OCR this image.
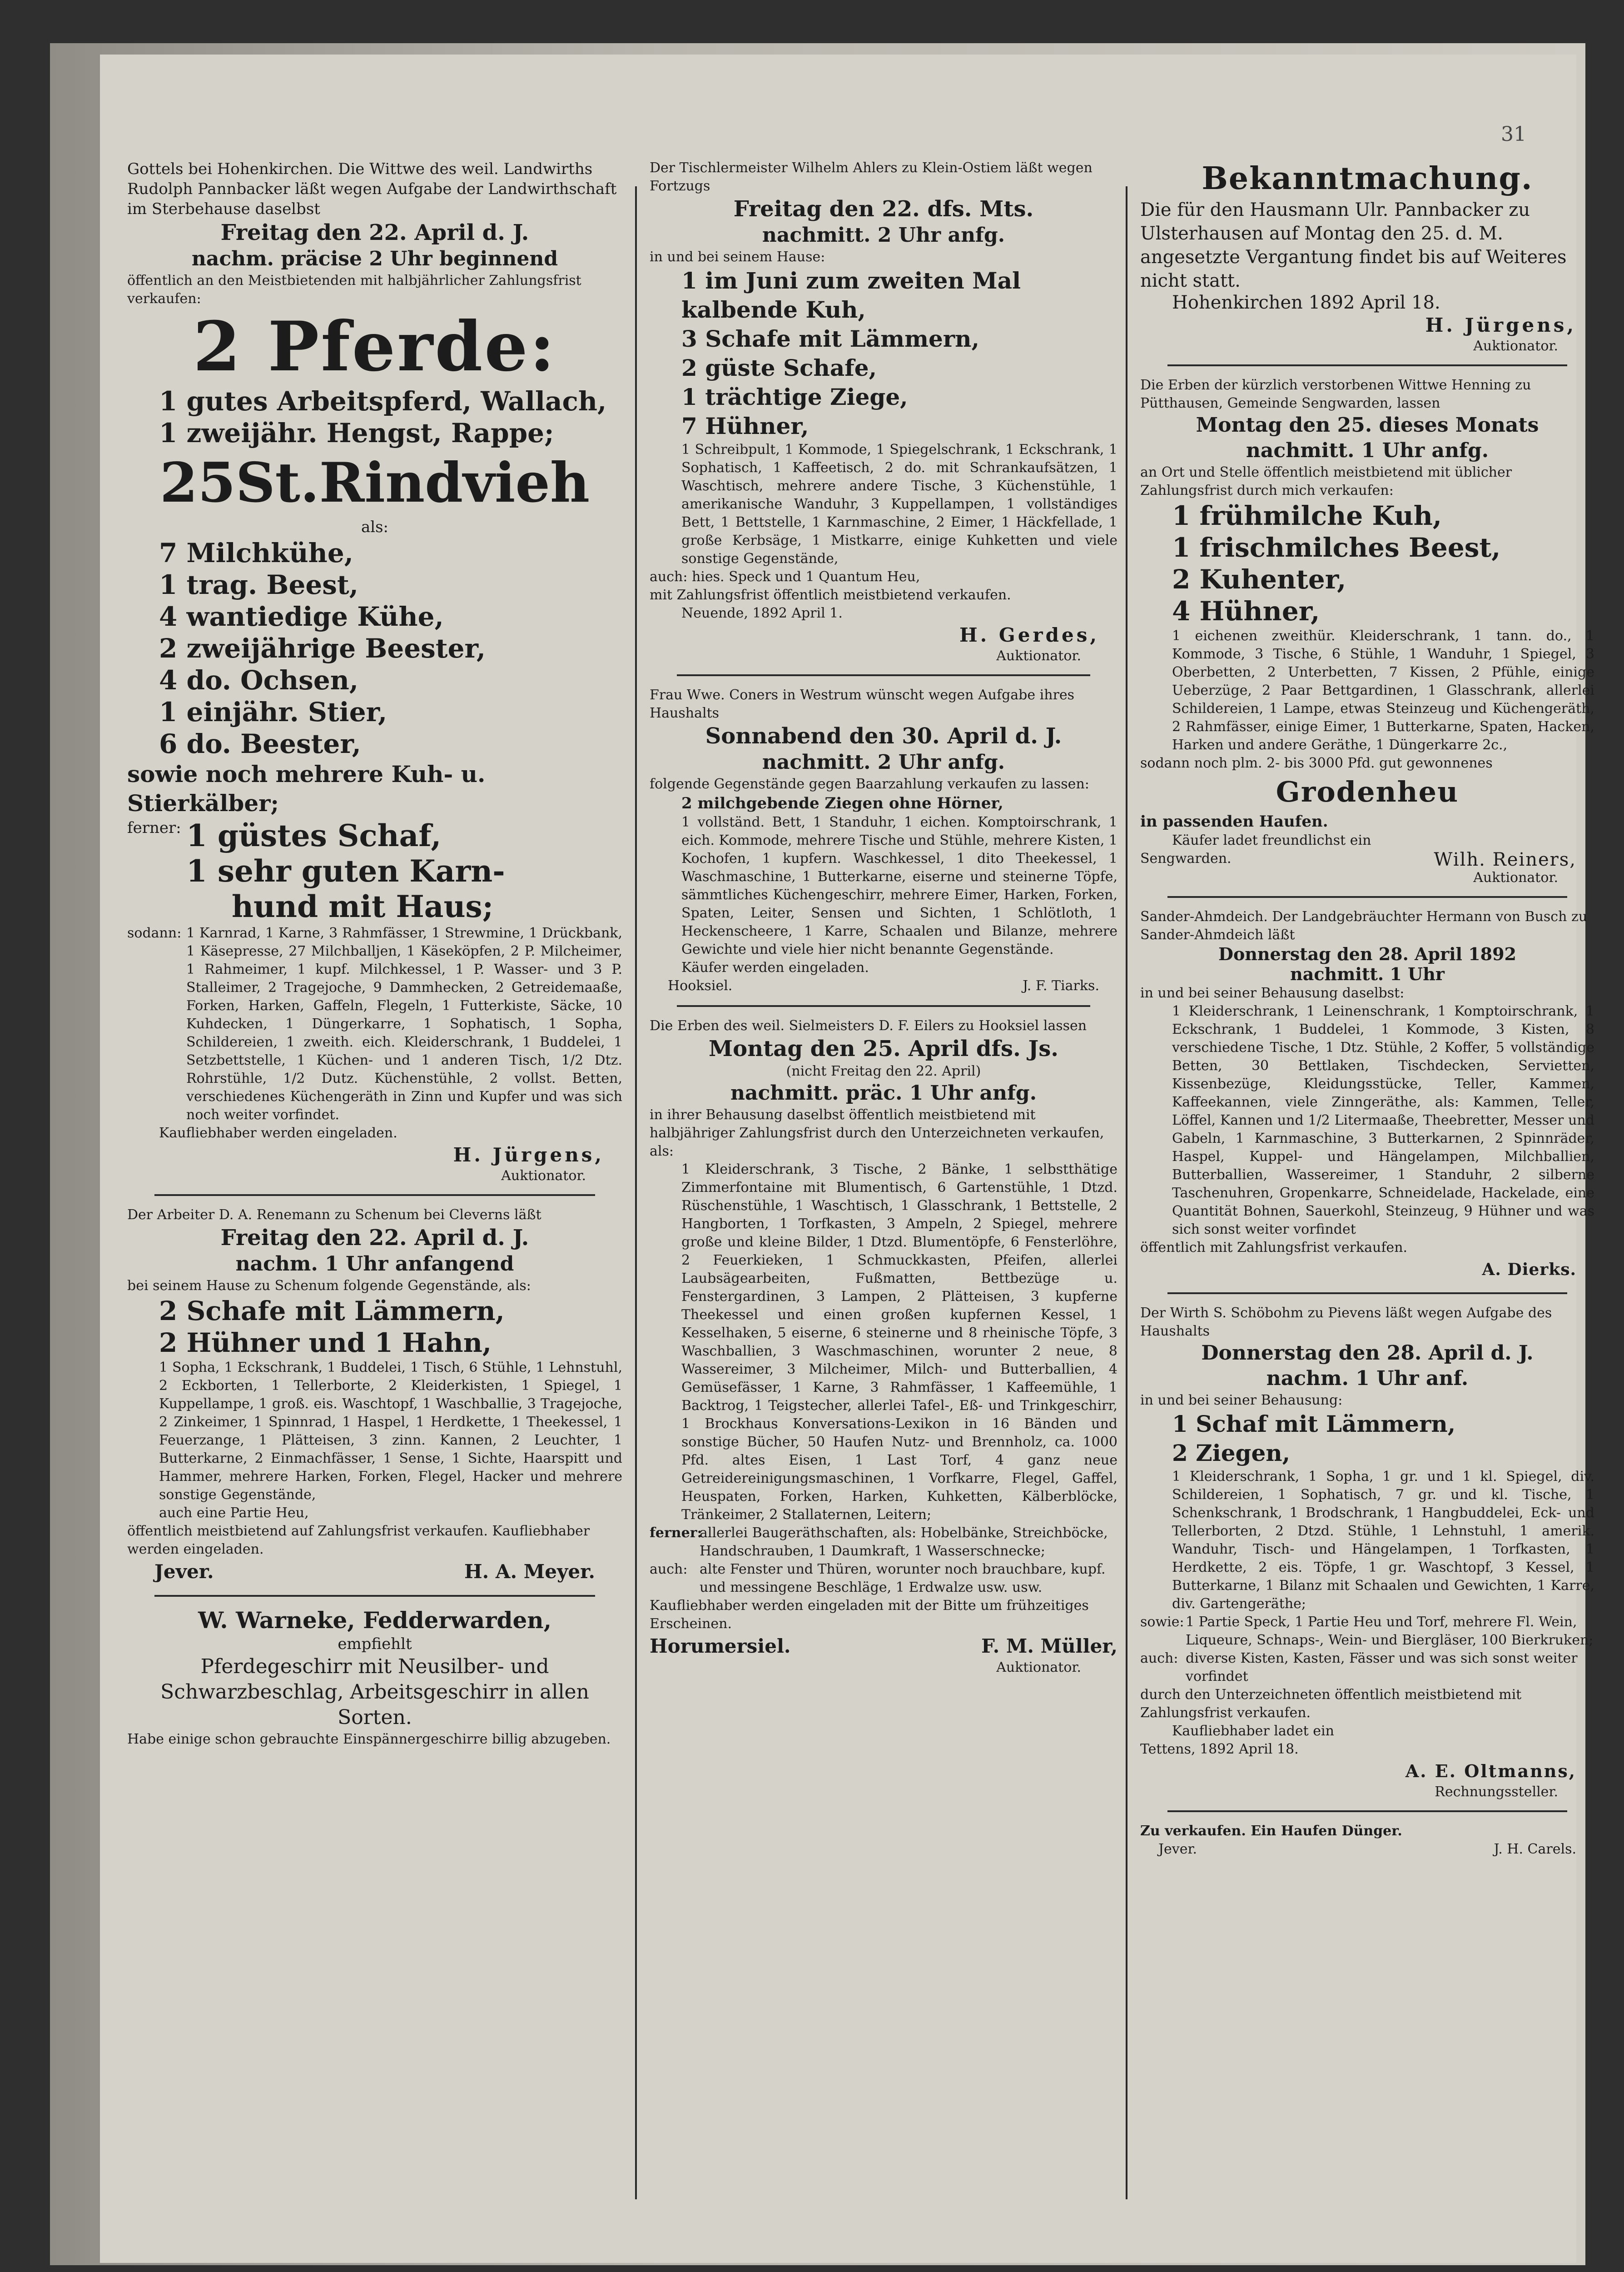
31
Gottels bei Hohenkirchen. Die Wittwe des weil. Landwirths Rudolph Pannbacker läßt wegen Aufgabe der Landwirthschaft im Sterbehause daselbst
Freitag den 22. April d. J.
nachm. präcise 2 Uhr beginnend
öffentlich an den Meistbietenden mit halbjährlicher Zahlungsfrist verkaufen:
2 Pferde:
1 gutes Arbeitspferd, Wallach,
1 zweijähr. Hengst, Rappe;
25St.Rindvieh
als:
7 Milchkühe,
1 trag. Beest,
4 wantiedige Kühe,
2 zweijährige Beester,
4 do. Ochsen,
1 einjähr. Stier,
6 do. Beester,
sowie noch mehrere Kuh- u. Stierkälber;
ferner: 1 güstes Schaf,
1 sehr guten Karn-
hund mit Haus;
sodann: 1 Karnrad, 1 Karne, 3 Rahmfässer, 1 Strewmine, 1 Drückbank, 1 Käsepresse, 27 Milchballjen, 1 Käseköpfen, 2 P. Milcheimer, 1 Rahmeimer, 1 kupf. Milchkessel, 1 P. Wasser- und 3 P. Stalleimer, 2 Tragejoche, 9 Dammhecken, 2 Getreidemaaße, Forken, Harken, Gaffeln, Flegeln, 1 Futterkiste, Säcke, 10 Kuhdecken, 1 Düngerkarre, 1 Sophatisch, 1 Sopha, Schildereien, 1 zweith. eich. Kleiderschrank, 1 Buddelei, 1 Setzbettstelle, 1 Küchen- und 1 anderen Tisch, 1/2 Dtz. Rohrstühle, 1/2 Dutz. Küchenstühle, 2 vollst. Betten, verschiedenes Küchengeräth in Zinn und Kupfer und was sich noch weiter vorfindet.
Kaufliebhaber werden eingeladen.
H. Jürgens,
Auktionator.
Der Arbeiter D. A. Renemann zu Schenum bei Cleverns läßt
Freitag den 22. April d. J.
nachm. 1 Uhr anfangend
bei seinem Hause zu Schenum folgende Gegenstände, als:
2 Schafe mit Lämmern,
2 Hühner und 1 Hahn,
1 Sopha, 1 Eckschrank, 1 Buddelei, 1 Tisch, 6 Stühle, 1 Lehnstuhl, 2 Eckborten, 1 Tellerborte, 2 Kleiderkisten, 1 Spiegel, 1 Kuppellampe, 1 groß. eis. Waschtopf, 1 Waschballie, 3 Tragejoche, 2 Zinkeimer, 1 Spinnrad, 1 Haspel, 1 Herdkette, 1 Theekessel, 1 Feuerzange, 1 Plätteisen, 3 zinn. Kannen, 2 Leuchter, 1 Butterkarne, 2 Einmachfässer, 1 Sense, 1 Sichte, Haarspitt und Hammer, mehrere Harken, Forken, Flegel, Hacker und mehrere sonstige Gegenstände,
auch eine Partie Heu,
öffentlich meistbietend auf Zahlungsfrist verkaufen. Kaufliebhaber werden eingeladen.
Jever.	H. A. Meyer.
W. Warneke, Fedderwarden,
empfiehlt
Pferdegeschirr mit Neusilber- und Schwarzbeschlag, Arbeitsgeschirr in allen Sorten.
Habe einige schon gebrauchte Einspännergeschirre billig abzugeben.
Der Tischlermeister Wilhelm Ahlers zu Klein-Ostiem läßt wegen Fortzugs
Freitag den 22. dfs. Mts.
nachmitt. 2 Uhr anfg.
in und bei seinem Hause:
1 im Juni zum zweiten Mal kalbende Kuh,
3 Schafe mit Lämmern,
2 güste Schafe,
1 trächtige Ziege,
7 Hühner,
1 Schreibpult, 1 Kommode, 1 Spiegelschrank, 1 Eckschrank, 1 Sophatisch, 1 Kaffeetisch, 2 do. mit Schrankaufsätzen, 1 Waschtisch, mehrere andere Tische, 3 Küchenstühle, 1 amerikanische Wanduhr, 3 Kuppellampen, 1 vollständiges Bett, 1 Bettstelle, 1 Karnmaschine, 2 Eimer, 1 Häckfellade, 1 große Kerbsäge, 1 Mistkarre, einige Kuhketten und viele sonstige Gegenstände,
auch: hies. Speck und 1 Quantum Heu,
mit Zahlungsfrist öffentlich meistbietend verkaufen.
Neuende, 1892 April 1.
H. Gerdes,
Auktionator.
Frau Wwe. Coners in Westrum wünscht wegen Aufgabe ihres Haushalts
Sonnabend den 30. April d. J.
nachmitt. 2 Uhr anfg.
folgende Gegenstände gegen Baarzahlung verkaufen zu lassen:
2 milchgebende Ziegen ohne Hörner,
1 vollständ. Bett, 1 Standuhr, 1 eichen. Komptoirschrank, 1 eich. Kommode, mehrere Tische und Stühle, mehrere Kisten, 1 Kochofen, 1 kupfern. Waschkessel, 1 dito Theekessel, 1 Waschmaschine, 1 Butterkarne, eiserne und steinerne Töpfe, sämmtliches Küchengeschirr, mehrere Eimer, Harken, Forken, Spaten, Leiter, Sensen und Sichten, 1 Schlötloth, 1 Heckenscheere, 1 Karre, Schaalen und Bilanze, mehrere Gewichte und viele hier nicht benannte Gegenstände.
Käufer werden eingeladen.
Hooksiel.	J. F. Tiarks.
Die Erben des weil. Sielmeisters D. F. Eilers zu Hooksiel lassen
Montag den 25. April dfs. Js.
(nicht Freitag den 22. April)
nachmitt. präc. 1 Uhr anfg.
in ihrer Behausung daselbst öffentlich meistbietend mit halbjähriger Zahlungsfrist durch den Unterzeichneten verkaufen, als:
1 Kleiderschrank, 3 Tische, 2 Bänke, 1 selbstthätige Zimmerfontaine mit Blumentisch, 6 Gartenstühle, 1 Dtzd. Rüschenstühle, 1 Waschtisch, 1 Glasschrank, 1 Bettstelle, 2 Hangborten, 1 Torfkasten, 3 Ampeln, 2 Spiegel, mehrere große und kleine Bilder, 1 Dtzd. Blumentöpfe, 6 Fensterlöhre, 2 Feuerkieken, 1 Schmuckkasten, Pfeifen, allerlei Laubsägearbeiten, Fußmatten, Bettbezüge u. Fenstergardinen, 3 Lampen, 2 Plätteisen, 3 kupferne Theekessel und einen großen kupfernen Kessel, 1 Kesselhaken, 5 eiserne, 6 steinerne und 8 rheinische Töpfe, 3 Waschballien, 3 Waschmaschinen, worunter 2 neue, 8 Wassereimer, 3 Milcheimer, Milch- und Butterballien, 4 Gemüsefässer, 1 Karne, 3 Rahmfässer, 1 Kaffeemühle, 1 Backtrog, 1 Teigstecher, allerlei Tafel-, Eß- und Trinkgeschirr, 1 Brockhaus Konversations-Lexikon in 16 Bänden und sonstige Bücher, 50 Haufen Nutz- und Brennholz, ca. 1000 Pfd. altes Eisen, 1 Last Torf, 4 ganz neue Getreidereinigungsmaschinen, 1 Vorfkarre, Flegel, Gaffel, Heuspaten, Forken, Harken, Kuhketten, Kälberblöcke, Tränkeimer, 2 Stallaternen, Leitern;
ferner:
allerlei Baugeräthschaften, als: Hobelbänke, Streichböcke, Handschrauben, 1 Daumkraft, 1 Wasserschnecke;
auch: alte Fenster und Thüren, worunter noch brauchbare, kupf. und messingene Beschläge, 1 Erdwalze usw. usw.
Kaufliebhaber werden eingeladen mit der Bitte um frühzeitiges Erscheinen.
Horumersiel.	F. M. Müller,
Auktionator.
Bekanntmachung.
Die für den Hausmann Ulr. Pannbacker zu Ulsterhausen auf Montag den 25. d. M. angesetzte Vergantung findet bis auf Weiteres nicht statt.
Hohenkirchen 1892 April 18.
H. Jürgens,
Auktionator.
Die Erben der kürzlich verstorbenen Wittwe Henning zu Pütthausen, Gemeinde Sengwarden, lassen
Montag den 25. dieses Monats
nachmitt. 1 Uhr anfg.
an Ort und Stelle öffentlich meistbietend mit üblicher Zahlungsfrist durch mich verkaufen:
1 frühmilche Kuh,
1 frischmilches Beest,
2 Kuhenter,
4 Hühner,
1 eichenen zweithür. Kleiderschrank, 1 tann. do., 1 Kommode, 3 Tische, 6 Stühle, 1 Wanduhr, 1 Spiegel, 3 Oberbetten, 2 Unterbetten, 7 Kissen, 2 Pfühle, einige Ueberzüge, 2 Paar Bettgardinen, 1 Glasschrank, allerlei Schildereien, 1 Lampe, etwas Steinzeug und Küchengeräth, 2 Rahmfässer, einige Eimer, 1 Butterkarne, Spaten, Hacken, Harken und andere Geräthe, 1 Düngerkarre 2c.,
sodann noch plm. 2- bis 3000 Pfd. gut gewonnenes
Grodenheu
in passenden Haufen.
Käufer ladet freundlichst ein
Sengwarden.	Wilh. Reiners,
Auktionator.
Sander-Ahmdeich. Der Landgebräuchter Hermann von Busch zu Sander-Ahmdeich läßt
Donnerstag den 28. April 1892
nachmitt. 1 Uhr
in und bei seiner Behausung daselbst:
1 Kleiderschrank, 1 Leinenschrank, 1 Komptoirschrank, 1 Eckschrank, 1 Buddelei, 1 Kommode, 3 Kisten, 8 verschiedene Tische, 1 Dtz. Stühle, 2 Koffer, 5 vollständige Betten, 30 Bettlaken, Tischdecken, Servietten, Kissenbezüge, Kleidungsstücke, Teller, Kammen, Kaffeekannen, viele Zinngeräthe, als: Kammen, Teller, Löffel, Kannen und 1/2 Litermaaße, Theebretter, Messer und Gabeln, 1 Karnmaschine, 3 Butterkarnen, 2 Spinnräder, Haspel, Kuppel- und Hängelampen, Milchballien, Butterballien, Wassereimer, 1 Standuhr, 2 silberne Taschenuhren, Gropenkarre, Schneidelade, Hackelade, eine Quantität Bohnen, Sauerkohl, Steinzeug, 9 Hühner und was sich sonst weiter vorfindet
öffentlich mit Zahlungsfrist verkaufen.
A. Dierks.
Der Wirth S. Schöbohm zu Pievens läßt wegen Aufgabe des Haushalts
Donnerstag den 28. April d. J.
nachm. 1 Uhr anf.
in und bei seiner Behausung:
1 Schaf mit Lämmern,
2 Ziegen,
1 Kleiderschrank, 1 Sopha, 1 gr. und 1 kl. Spiegel, div. Schildereien, 1 Sophatisch, 7 gr. und kl. Tische, 1 Schenkschrank, 1 Brodschrank, 1 Hangbuddelei, Eck- und Tellerborten, 2 Dtzd. Stühle, 1 Lehnstuhl, 1 amerik. Wanduhr, Tisch- und Hängelampen, 1 Torfkasten, 1 Herdkette, 2 eis. Töpfe, 1 gr. Waschtopf, 3 Kessel, 1 Butterkarne, 1 Bilanz mit Schaalen und Gewichten, 1 Karre, div. Gartengeräthe;
sowie: 1 Partie Speck, 1 Partie Heu und Torf, mehrere Fl. Wein, Liqueure, Schnaps-, Wein- und Biergläser, 100 Bierkruken;
auch: diverse Kisten, Kasten, Fässer und was sich sonst weiter vorfindet
durch den Unterzeichneten öffentlich meistbietend mit Zahlungsfrist verkaufen.
Kaufliebhaber ladet ein
Tettens, 1892 April 18.
A. E. Oltmanns,
Rechnungssteller.
Zu verkaufen. Ein Haufen Dünger.
Jever.	J. H. Carels.
